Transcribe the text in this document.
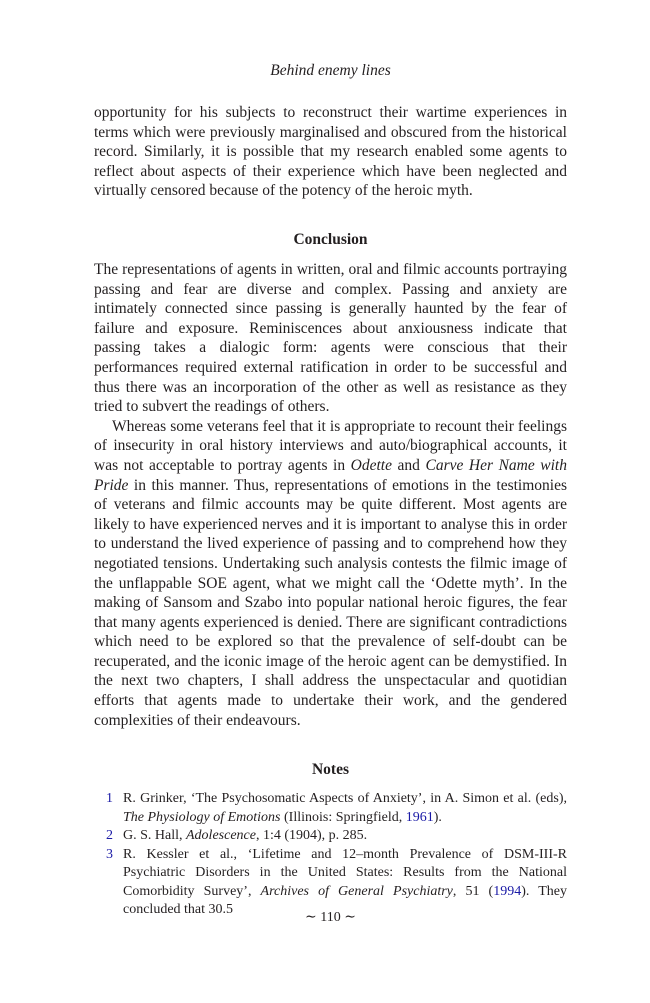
Behind enemy lines

opportunity for his subjects to reconstruct their wartime experiences in terms which were previously marginalised and obscured from the historical record. Similarly, it is possible that my research enabled some agents to reflect about aspects of their experience which have been neglected and virtually censored because of the potency of the heroic myth.

Conclusion

The representations of agents in written, oral and filmic accounts portraying passing and fear are diverse and complex. Passing and anxiety are intimately connected since passing is generally haunted by the fear of failure and exposure. Reminiscences about anxiousness indicate that passing takes a dialogic form: agents were conscious that their performances required external ratification in order to be successful and thus there was an incorporation of the other as well as resistance as they tried to subvert the readings of others.

Whereas some veterans feel that it is appropriate to recount their feelings of insecurity in oral history interviews and auto/biographical accounts, it was not acceptable to portray agents in Odette and Carve Her Name with Pride in this manner. Thus, representations of emotions in the testimonies of veterans and filmic accounts may be quite different. Most agents are likely to have experienced nerves and it is important to analyse this in order to understand the lived experience of passing and to comprehend how they negotiated tensions. Undertaking such analysis contests the filmic image of the unflappable SOE agent, what we might call the ‘Odette myth’. In the making of Sansom and Szabo into popular national heroic figures, the fear that many agents experienced is denied. There are significant contradictions which need to be explored so that the prevalence of self-doubt can be recuperated, and the iconic image of the heroic agent can be demystified. In the next two chapters, I shall address the unspectacular and quotidian efforts that agents made to undertake their work, and the gendered complexities of their endeavours.

Notes
1 R. Grinker, ‘The Psychosomatic Aspects of Anxiety’, in A. Simon et al. (eds), The Physiology of Emotions (Illinois: Springfield, 1961).
2 G. S. Hall, Adolescence, 1:4 (1904), p. 285.
3 R. Kessler et al., ‘Lifetime and 12–month Prevalence of DSM-III-R Psychiatric Disorders in the United States: Results from the National Comorbidity Survey’, Archives of General Psychiatry, 51 (1994). They concluded that 30.5
∼ 110 ∼
